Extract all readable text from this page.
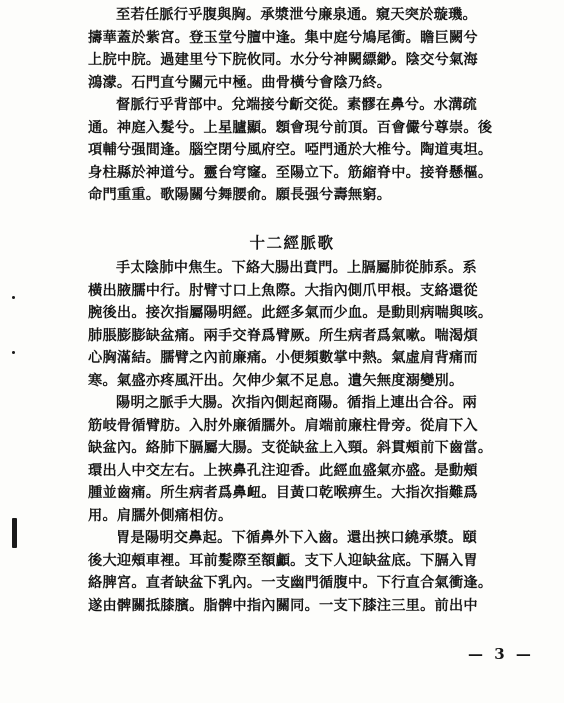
至若任脈行乎腹與胸。承漿泄兮廉泉通。窺天突於璇璣。
擣華蓋於紫宮。登玉堂兮膻中逢。集中庭兮鳩尾衝。瞻巨闕兮
上脘中脘。過建里兮下脘攸同。水分兮神闕縹緲。陰交兮氣海
鴻濛。石門直兮關元中極。曲骨橫兮會陰乃終。
督脈行乎背部中。兌端接兮齗交從。素髎在鼻兮。水溝疏
通。神庭入髮兮。上星臚顯。顖會現兮前頂。百會儼兮尊崇。後
項輔兮强間逢。腦空閉兮風府空。啞門通於大椎兮。陶道夷坦。
身柱縣於神道兮。靈台穹窿。至陽立下。筋縮脊中。接脊懸樞。
命門重重。歌陽關兮舞腰俞。願長强兮壽無窮。
十二經脈歌
手太陰肺中焦生。下絡大腸出賁門。上膈屬肺從肺系。系
橫出腋臑中行。肘臂寸口上魚際。大指內側爪甲根。支絡還從
腕後出。接次指屬陽明經。此經多氣而少血。是動則病喘與咳。
肺脹膨膨缺盆痛。兩手交脊爲臂厥。所生病者爲氣嗽。喘渴煩
心胸滿結。臑臂之內前廉痛。小便頻數掌中熱。氣虛肩背痛而
寒。氣盛亦疼風汗出。欠伸少氣不足息。遺矢無度溺變別。
陽明之脈手大腸。次指內側起商陽。循指上連出合谷。兩
筋岐骨循臂肪。入肘外廉循臑外。肩端前廉柱骨旁。從肩下入
缺盆內。絡肺下膈屬大腸。支從缺盆上入頸。斜貫頰前下齒當。
環出人中交左右。上挾鼻孔注迎香。此經血盛氣亦盛。是動頰
腫並齒痛。所生病者爲鼻衄。目黃口乾喉痹生。大指次指難爲
用。肩臑外側痛相仿。
胃是陽明交鼻起。下循鼻外下入齒。還出挾口繞承漿。頤
後大迎頰車裡。耳前髮際至額顱。支下人迎缺盆底。下膈入胃
絡脾宮。直者缺盆下乳內。一支幽門循腹中。下行直合氣衝逢。
遂由髀關抵膝臏。脂髀中指內關同。一支下膝注三里。前出中
— 3 —
